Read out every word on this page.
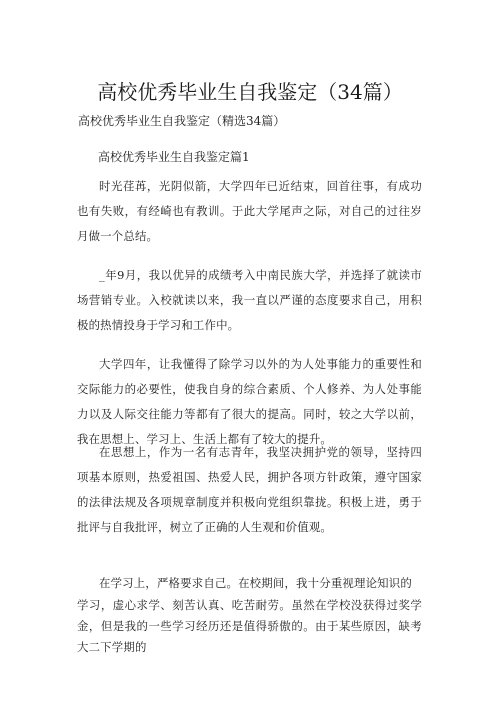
高校优秀毕业生自我鉴定（34篇）
高校优秀毕业生自我鉴定（精选34篇）
高校优秀毕业生自我鉴定篇1

时光荏苒，光阴似箭，大学四年已近结束，回首往事，有成功也有失败，有经崎也有教训。于此大学尾声之际，对自己的过往岁月做一个总结。

_年9月，我以优异的成绩考入中南民族大学，并选择了就读市场营销专业。入校就读以来，我一直以严谨的态度要求自己，用积极的热情投身于学习和工作中。

大学四年，让我懂得了除学习以外的为人处事能力的重要性和交际能力的必要性，使我自身的综合素质、个人修养、为人处事能力以及人际交往能力等都有了很大的提高。同时，较之大学以前，我在思想上、学习上、生活上都有了较大的提升。

在思想上，作为一名有志青年，我坚决拥护党的领导，坚持四项基本原则，热爱祖国、热爱人民，拥护各项方针政策，遵守国家的法律法规及各项规章制度并积极向党组织靠拢。积极上进，勇于批评与自我批评，树立了正确的人生观和价值观。

在学习上，严格要求自己。在校期间，我十分重视理论知识的
学习，虚心求学、刻苦认真、吃苦耐劳。虽然在学校没获得过奖学金，但是我的一些学习经历还是值得骄傲的。由于某些原因，缺考大二下学期的
